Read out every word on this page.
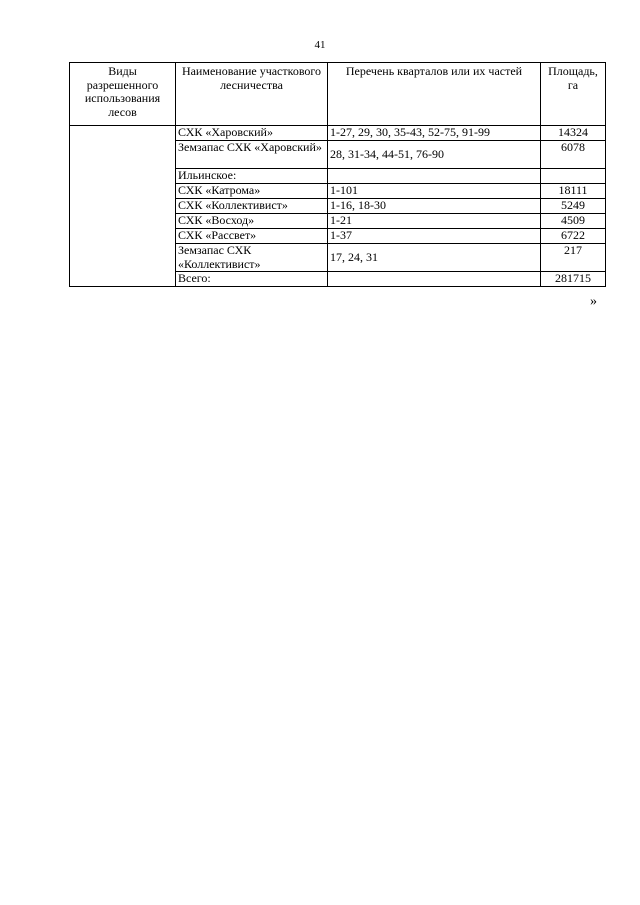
41
Виды разрешенного использования лесов	Наименование участкового лесничества	Перечень кварталов или их частей	Площадь, га
	СХК «Харовский»	1-27, 29, 30, 35-43, 52-75, 91-99	14324
	Земзапас СХК «Харовский»	28, 31-34, 44-51, 76-90	6078
	Ильинское:		
	СХК «Катрома»	1-101	18111
	СХК «Коллективист»	1-16, 18-30	5249
	СХК «Восход»	1-21	4509
	СХК «Рассвет»	1-37	6722
	Земзапас СХК «Коллективист»	17, 24, 31	217
	Всего:		281715
»
